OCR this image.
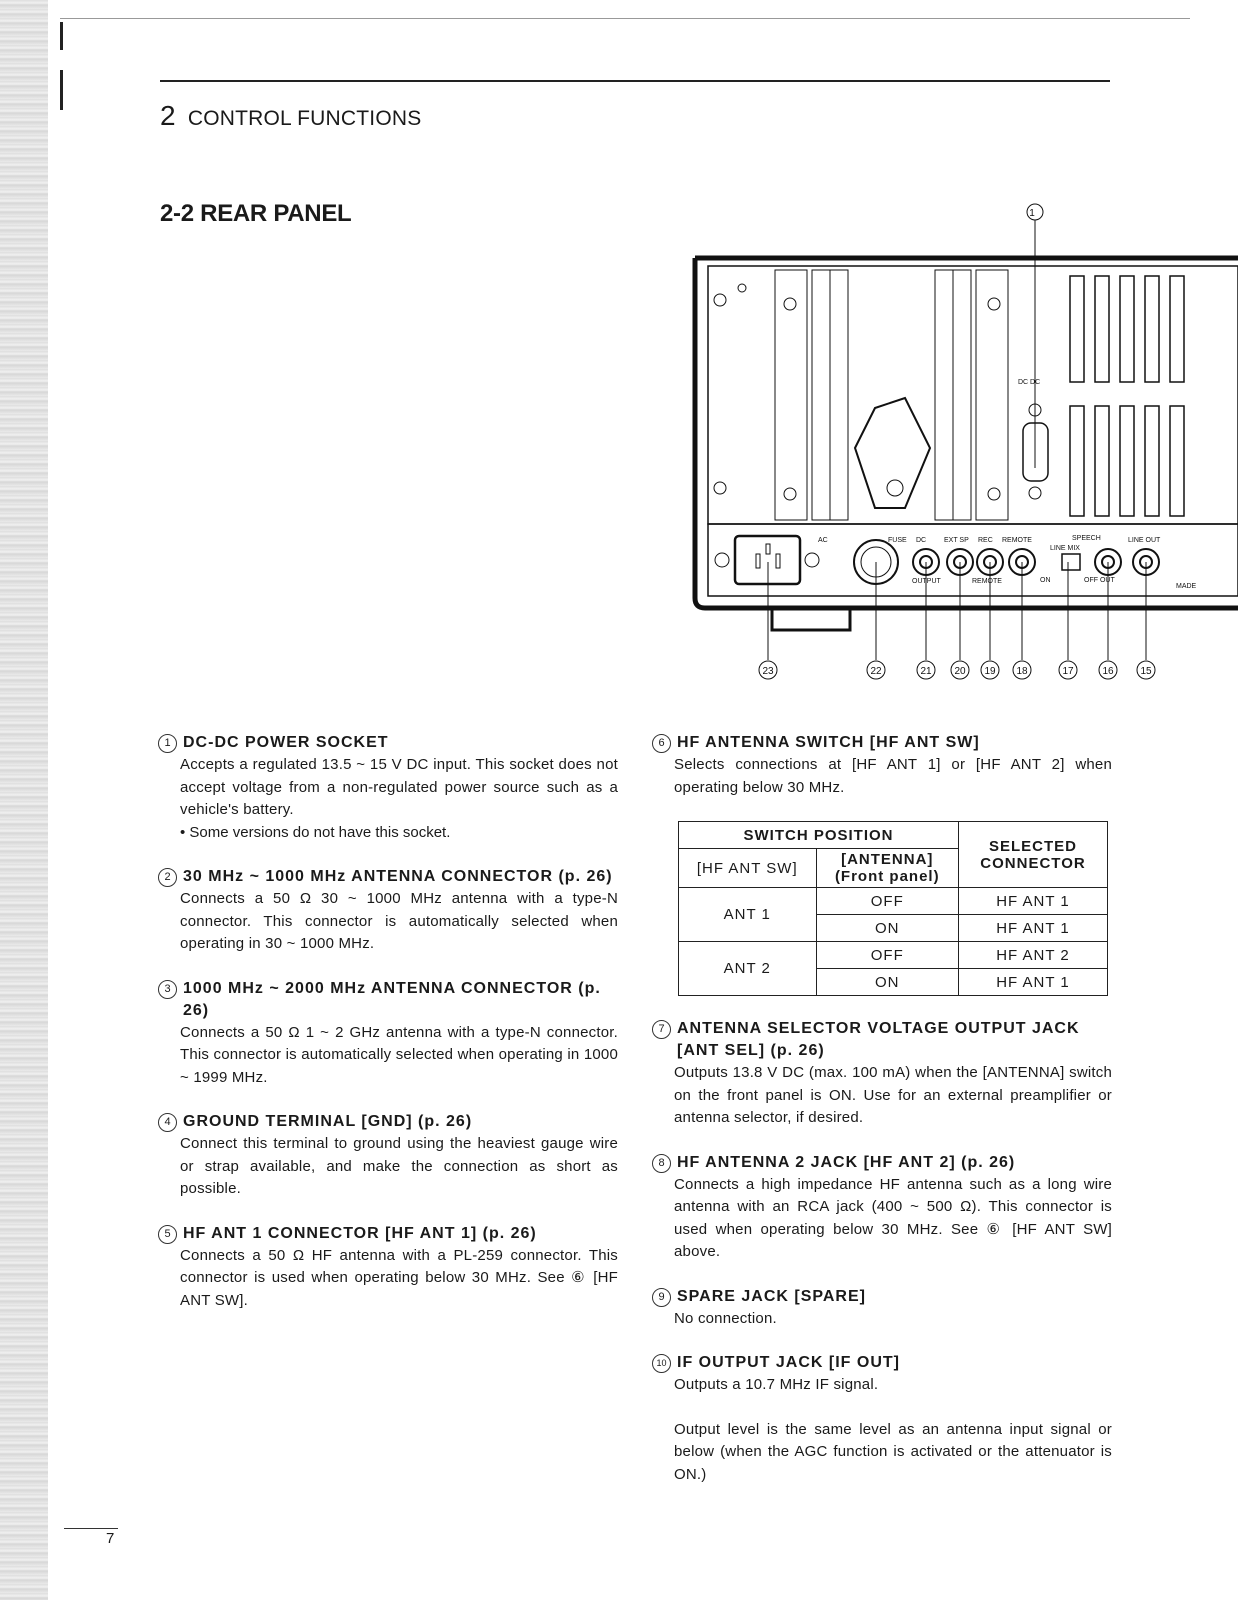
2 CONTROL FUNCTIONS
2-2 REAR PANEL	1
AC	FUSE DC	EXT SP REC REMOTE
OUTPUT	REMOTE
SPEECH
LINE MIX
ON	OFF OUT
LINE OUT
MADE
DC DC
23	22	21 20 19 18	17	16	15
1 DC-DC POWER SOCKET
Accepts a regulated 13.5 ~ 15 V DC input. This socket does not accept voltage from a non-regulated power source such as a vehicle's battery.
• Some versions do not have this socket.
2 30 MHz ~ 1000 MHz ANTENNA CONNECTOR (p. 26)
Connects a 50 Ω 30 ~ 1000 MHz antenna with a type-N connector. This connector is automatically selected when operating in 30 ~ 1000 MHz.
3 1000 MHz ~ 2000 MHz ANTENNA CONNECTOR (p. 26)
Connects a 50 Ω 1 ~ 2 GHz antenna with a type-N connector. This connector is automatically selected when operating in 1000 ~ 1999 MHz.
4 GROUND TERMINAL [GND] (p. 26)
Connect this terminal to ground using the heaviest gauge wire or strap available, and make the connection as short as possible.
5 HF ANT 1 CONNECTOR [HF ANT 1] (p. 26)
Connects a 50 Ω HF antenna with a PL-259 connector. This connector is used when operating below 30 MHz. See ⑥ [HF ANT SW].
6 HF ANTENNA SWITCH [HF ANT SW]
Selects connections at [HF ANT 1] or [HF ANT 2] when operating below 30 MHz.
SWITCH POSITION		SELECTED CONNECTOR
[HF ANT SW]	[ANTENNA]
(Front panel)	
ANT 1	OFF	HF ANT 1
	ON	HF ANT 1
ANT 2	OFF	HF ANT 2
	ON	HF ANT 1
7 ANTENNA SELECTOR VOLTAGE OUTPUT JACK [ANT SEL] (p. 26)
Outputs 13.8 V DC (max. 100 mA) when the [ANTENNA] switch on the front panel is ON. Use for an external preamplifier or antenna selector, if desired.
8 HF ANTENNA 2 JACK [HF ANT 2] (p. 26)
Connects a high impedance HF antenna such as a long wire antenna with an RCA jack (400 ~ 500 Ω). This connector is used when operating below 30 MHz. See ⑥ [HF ANT SW] above.
9 SPARE JACK [SPARE]
No connection.
10 IF OUTPUT JACK [IF OUT]
Outputs a 10.7 MHz IF signal.
Output level is the same level as an antenna input signal or below (when the AGC function is activated or the attenuator is ON.)
7
